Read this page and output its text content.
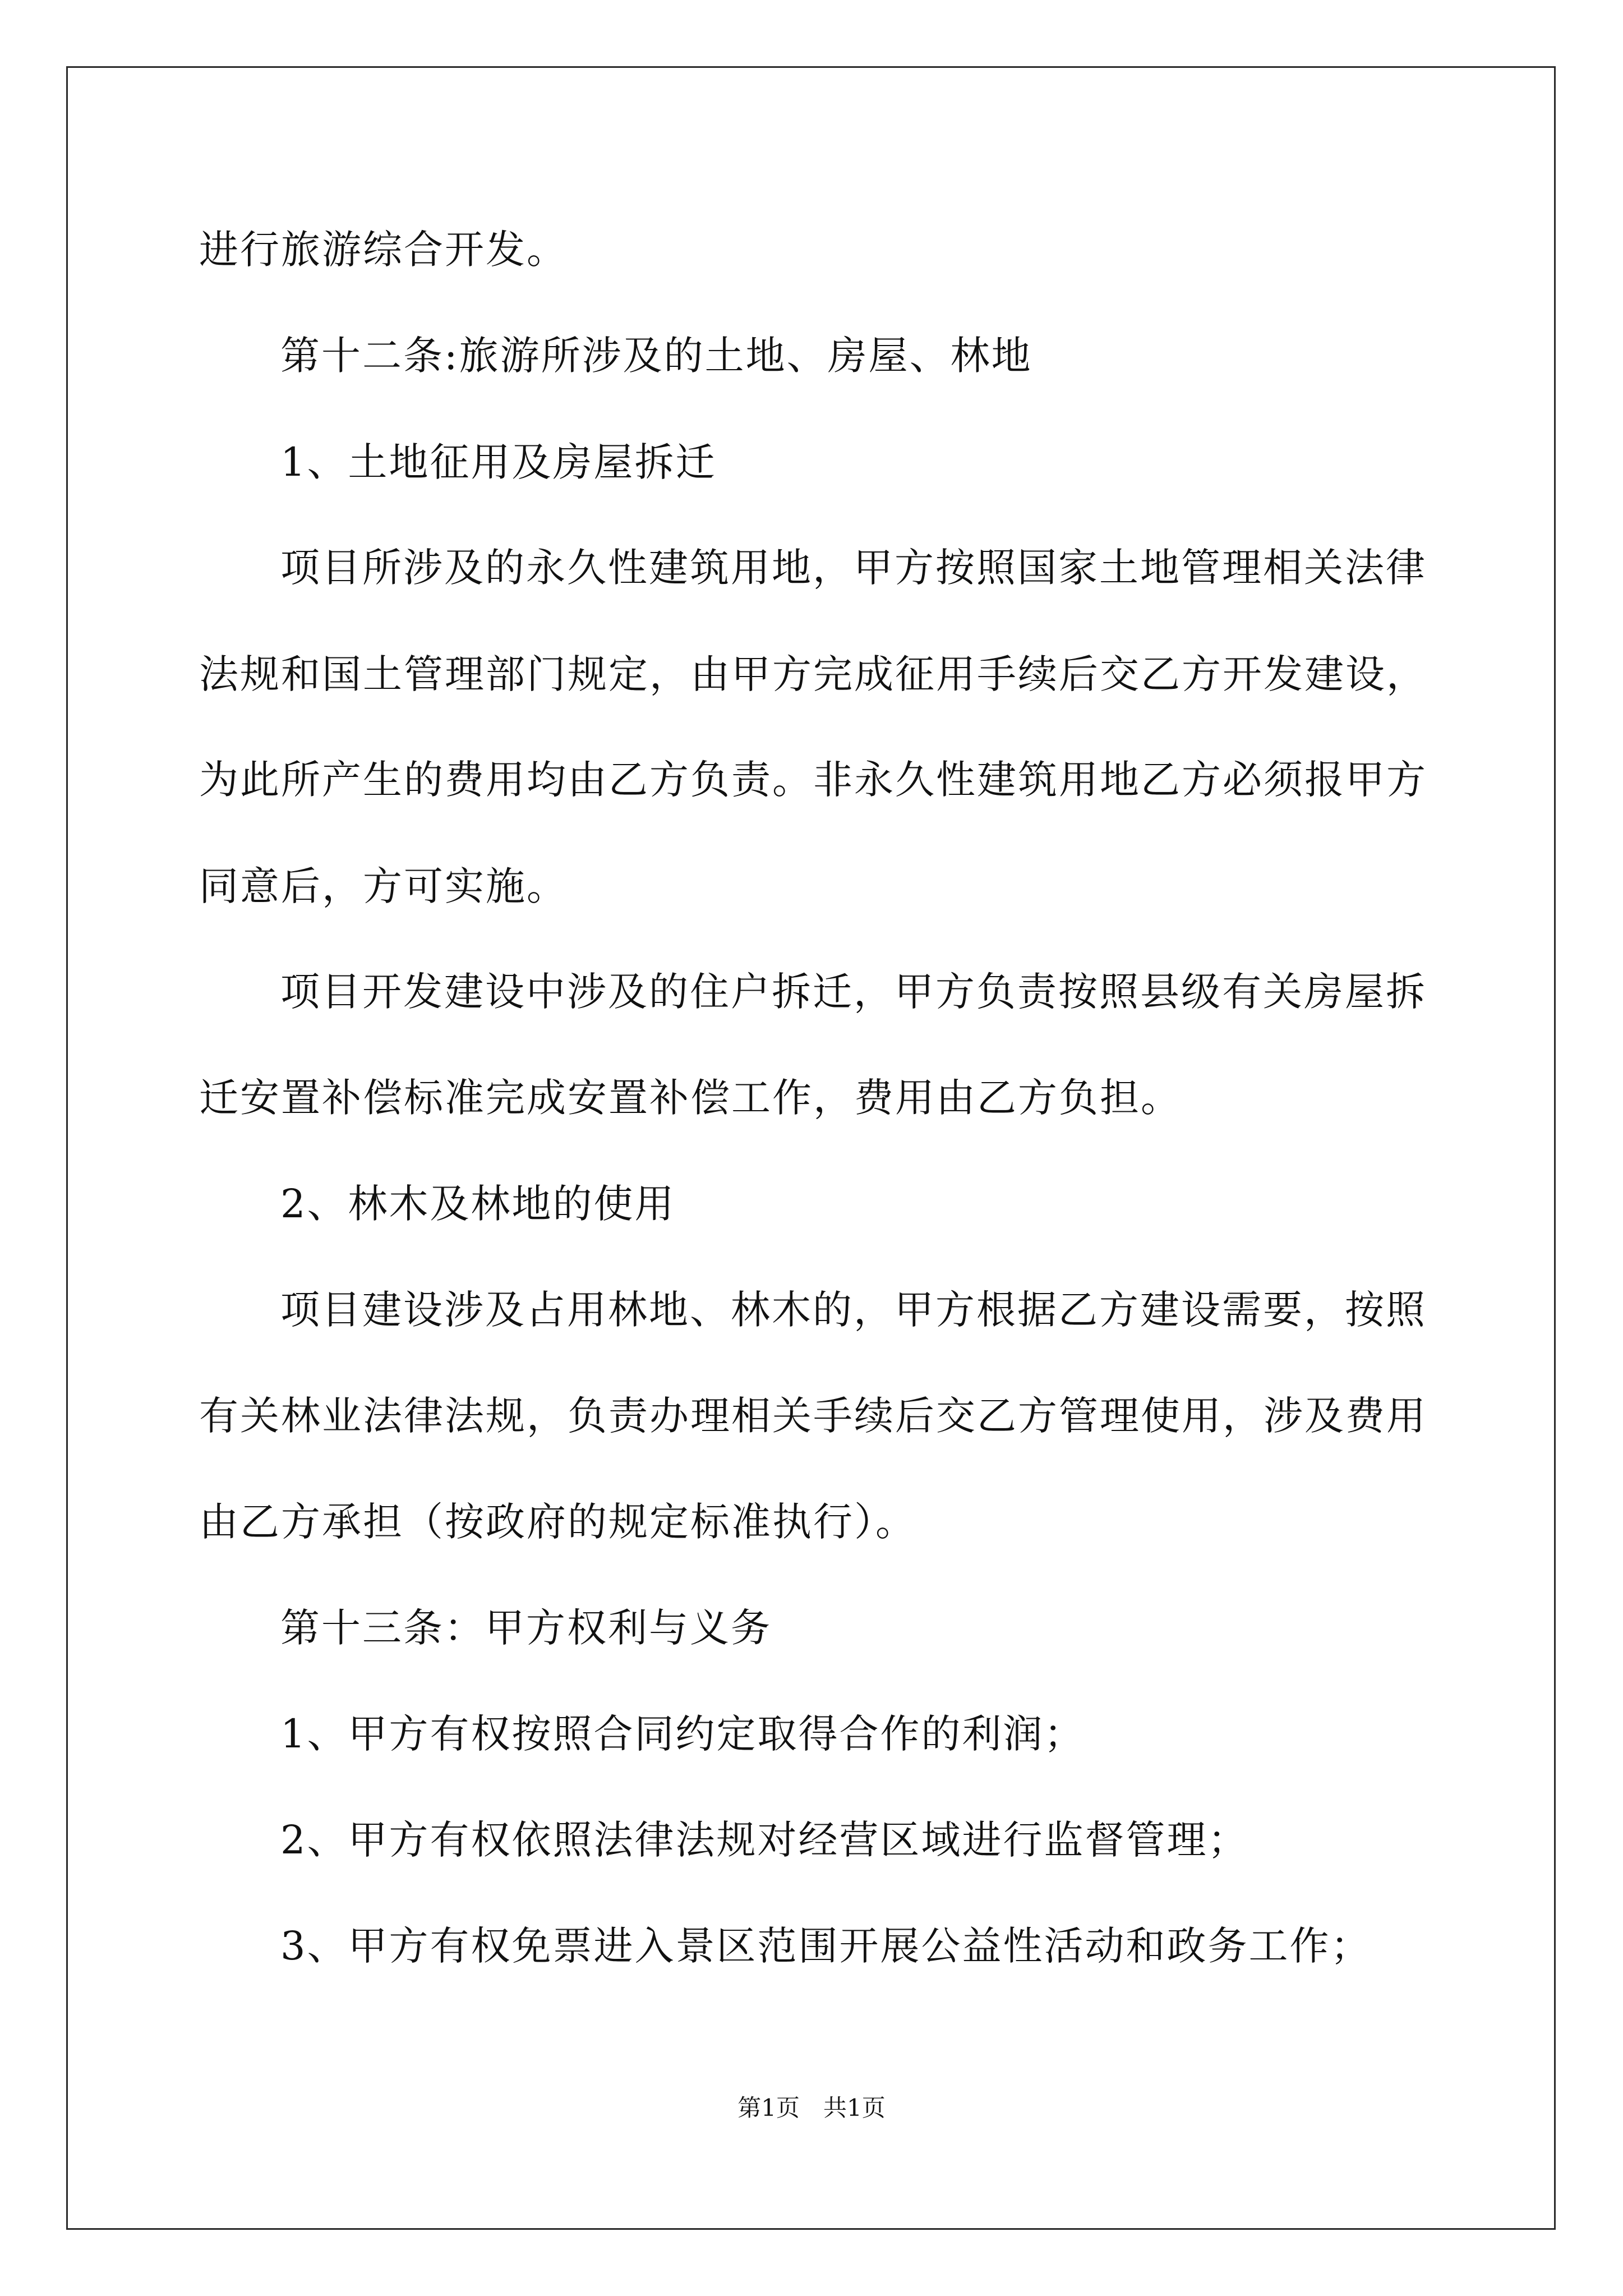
进行旅游综合开发。
第十二条:旅游所涉及的土地、房屋、林地
1、土地征用及房屋拆迁
项目所涉及的永久性建筑用地，甲方按照国家土地管理相关法律
法规和国土管理部门规定，由甲方完成征用手续后交乙方开发建设，
为此所产生的费用均由乙方负责。非永久性建筑用地乙方必须报甲方
同意后，方可实施。
项目开发建设中涉及的住户拆迁，甲方负责按照县级有关房屋拆
迁安置补偿标准完成安置补偿工作，费用由乙方负担。
2、林木及林地的使用
项目建设涉及占用林地、林木的，甲方根据乙方建设需要，按照
有关林业法律法规，负责办理相关手续后交乙方管理使用，涉及费用
由乙方承担（按政府的规定标准执行）。
第十三条：甲方权利与义务
1、甲方有权按照合同约定取得合作的利润；
2、甲方有权依照法律法规对经营区域进行监督管理；
3、甲方有权免票进入景区范围开展公益性活动和政务工作；
第1页　共1页
